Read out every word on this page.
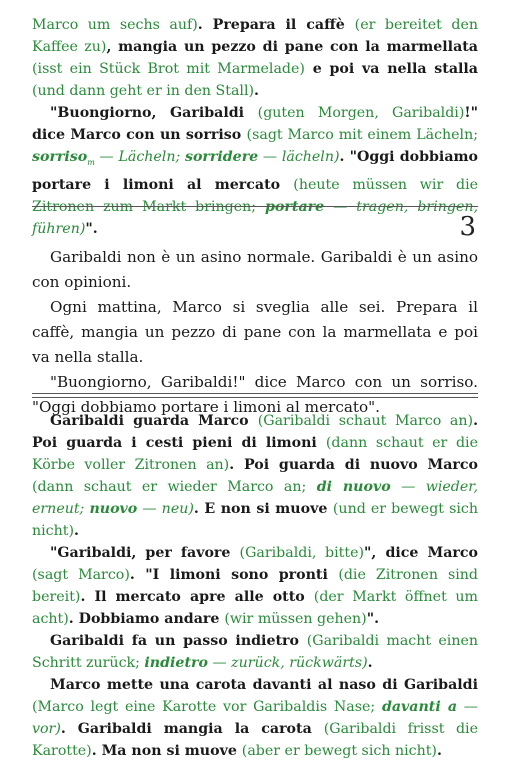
Marco um sechs auf). Prepara il caffè (er bereitet den Kaffee zu), mangia un pezzo di pane con la marmellata (isst ein Stück Brot mit Marmelade) e poi va nella stalla (und dann geht er in den Stall).

"Buongiorno, Garibaldi (guten Morgen, Garibaldi)!" dice Marco con un sorriso (sagt Marco mit einem Lächeln; sorriso$_m$ — Lächeln; sorridere — lächeln). "Oggi dobbiamo portare i limoni al mercato (heute müssen wir die Zitronen zum Markt bringen; portare — tragen, bringen, führen)".	3

Garibaldi non è un asino normale. Garibaldi è un asino con opinioni.

Ogni mattina, Marco si sveglia alle sei. Prepara il caffè, mangia un pezzo di pane con la marmellata e poi va nella stalla.

"Buongiorno, Garibaldi!" dice Marco con un sorriso. "Oggi dobbiamo portare i limoni al mercato".

Garibaldi guarda Marco (Garibaldi schaut Marco an). Poi guarda i cesti pieni di limoni (dann schaut er die Körbe voller Zitronen an). Poi guarda di nuovo Marco (dann schaut er wieder Marco an; di nuovo — wieder, erneut; nuovo — neu). E non si muove (und er bewegt sich nicht).

"Garibaldi, per favore (Garibaldi, bitte)", dice Marco (sagt Marco). "I limoni sono pronti (die Zitronen sind bereit). Il mercato apre alle otto (der Markt öffnet um acht). Dobbiamo andare (wir müssen gehen)".

Garibaldi fa un passo indietro (Garibaldi macht einen Schritt zurück; indietro — zurück, rückwärts).

Marco mette una carota davanti al naso di Garibaldi (Marco legt eine Karotte vor Garibaldis Nase; davanti a — vor). Garibaldi mangia la carota (Garibaldi frisst die Karotte). Ma non si muove (aber er bewegt sich nicht).
